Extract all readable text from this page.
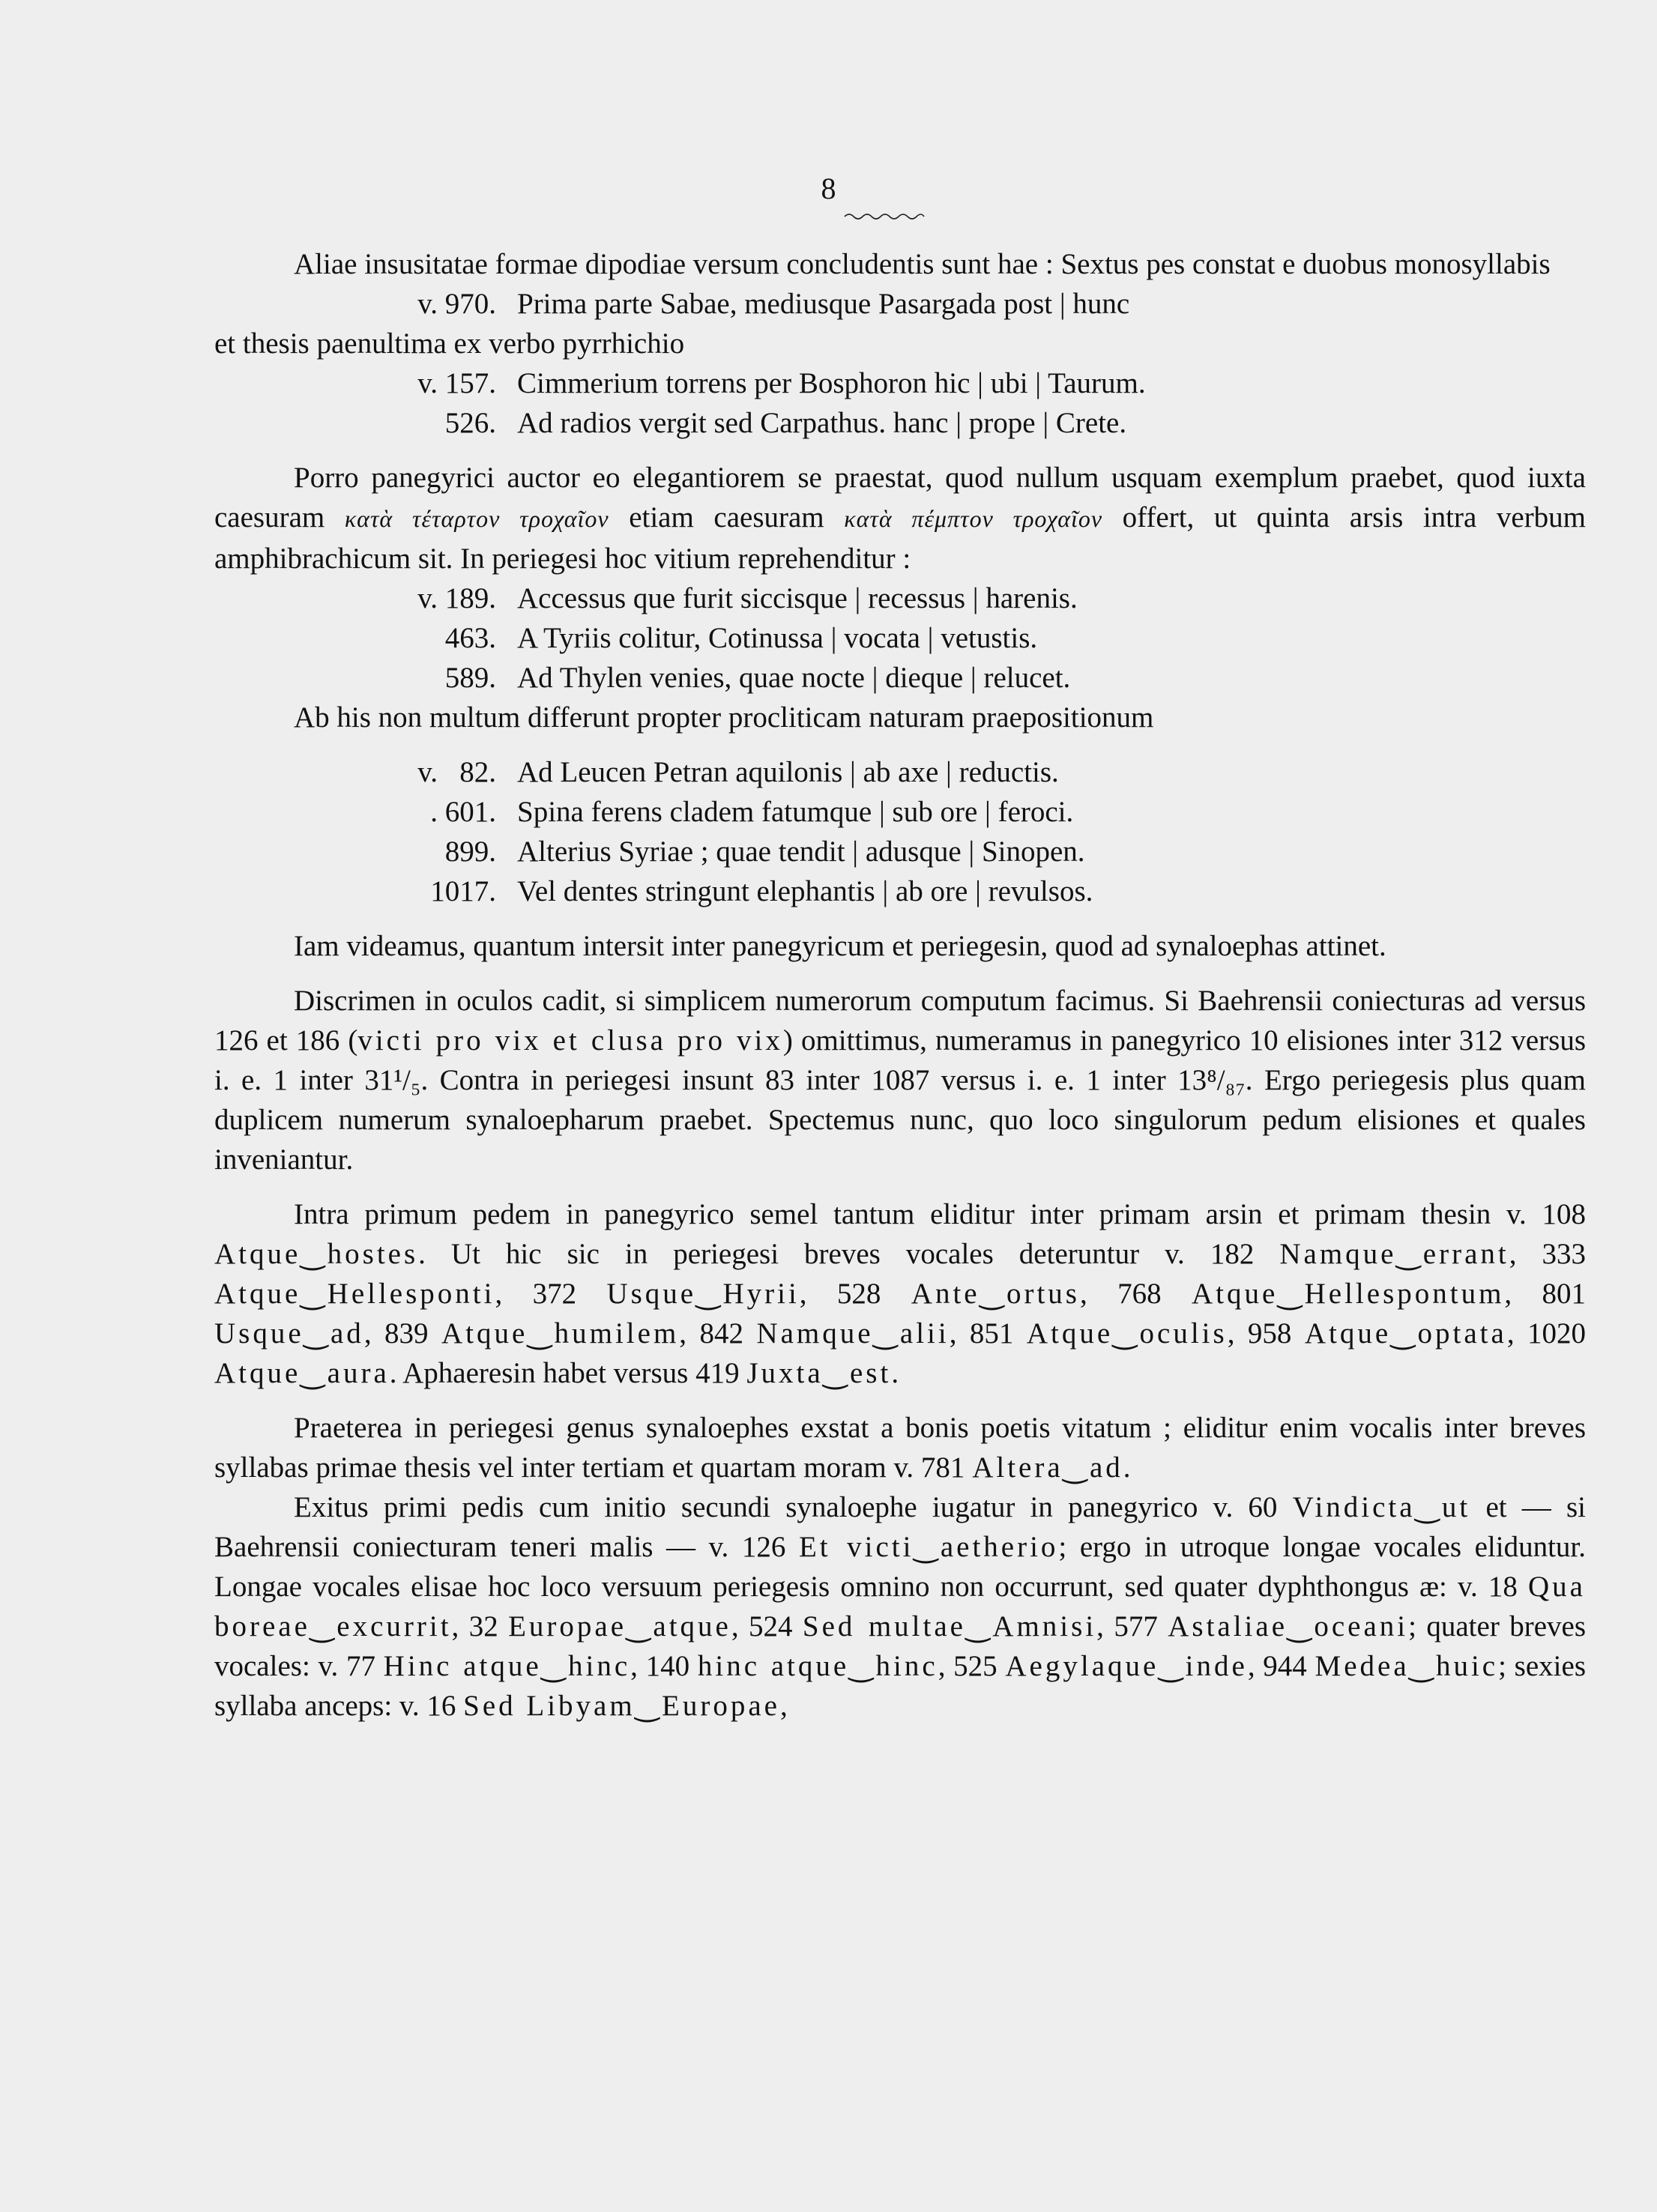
8

Aliae insusitatae formae dipodiae versum concludentis sunt hae : Sextus pes constat e duobus monosyllabis

v. 970. Prima parte Sabae, mediusque Pasargada post | hunc

et thesis paenultima ex verbo pyrrhichio

v. 157. Cimmerium torrens per Bosphoron hic | ubi | Taurum.
526. Ad radios vergit sed Carpathus. hanc | prope | Crete.

Porro panegyrici auctor eo elegantiorem se praestat, quod nullum usquam exemplum praebet, quod iuxta caesuram κατὰ τέταρτον τροχαῖον etiam caesuram κατὰ πέμπτον τροχαῖον offert, ut quinta arsis intra verbum amphibrachicum sit. In periegesi hoc vitium reprehenditur :

v. 189. Accessus que furit siccisque | recessus | harenis.
463. A Tyriis colitur, Cotinussa | vocata | vetustis.
589. Ad Thylen venies, quae nocte | dieque | relucet.

Ab his non multum differunt propter procliticam naturam praepositionum

v.   82. Ad Leucen Petran aquilonis | ab axe | reductis.
. 601. Spina ferens cladem fatumque | sub ore | feroci.
899. Alterius Syriae ; quae tendit | adusque | Sinopen.
1017. Vel dentes stringunt elephantis | ab ore | revulsos.

Iam videamus, quantum intersit inter panegyricum et periegesin, quod ad synaloephas attinet.

Discrimen in oculos cadit, si simplicem numerorum computum facimus. Si Baehrensii coniecturas ad versus 126 et 186 (victi pro vix et clusa pro vix) omittimus, numeramus in panegyrico 10 elisiones inter 312 versus i. e. 1 inter 31¹/₅. Contra in periegesi insunt 83 inter 1087 versus i. e. 1 inter 13⁸/₈₇. Ergo periegesis plus quam duplicem numerum synaloepharum praebet. Spectemus nunc, quo loco singulorum pedum elisiones et quales inveniantur.

Intra primum pedem in panegyrico semel tantum eliditur inter primam arsin et primam thesin v. 108 Atque‿hostes. Ut hic sic in periegesi breves vocales deteruntur v. 182 Namque‿errant, 333 Atque‿Hellesponti, 372 Usque‿Hyrii, 528 Ante‿ortus, 768 Atque‿Hellespontum, 801 Usque‿ad, 839 Atque‿humilem, 842 Namque‿alii, 851 Atque‿oculis, 958 Atque‿optata, 1020 Atque‿aura. Aphaeresin habet versus 419 Juxta‿est.

Praeterea in periegesi genus synaloephes exstat a bonis poetis vitatum ; eliditur enim vocalis inter breves syllabas primae thesis vel inter tertiam et quartam moram v. 781 Altera‿ad.

Exitus primi pedis cum initio secundi synaloephe iugatur in panegyrico v. 60 Vindicta‿ut et — si Baehrensii coniecturam teneri malis — v. 126 Et victi‿aetherio; ergo in utroque longae vocales eliduntur. Longae vocales elisae hoc loco versuum periegesis omnino non occurrunt, sed quater dyphthongus æ: v. 18 Qua boreae‿excurrit, 32 Europae‿atque, 524 Sed multae‿Amnisi, 577 Astaliae‿oceani; quater breves vocales: v. 77 Hinc atque‿hinc, 140 hinc atque‿hinc, 525 Aegylaque‿inde, 944 Medea‿huic; sexies syllaba anceps: v. 16 Sed Libyam‿Europae,
